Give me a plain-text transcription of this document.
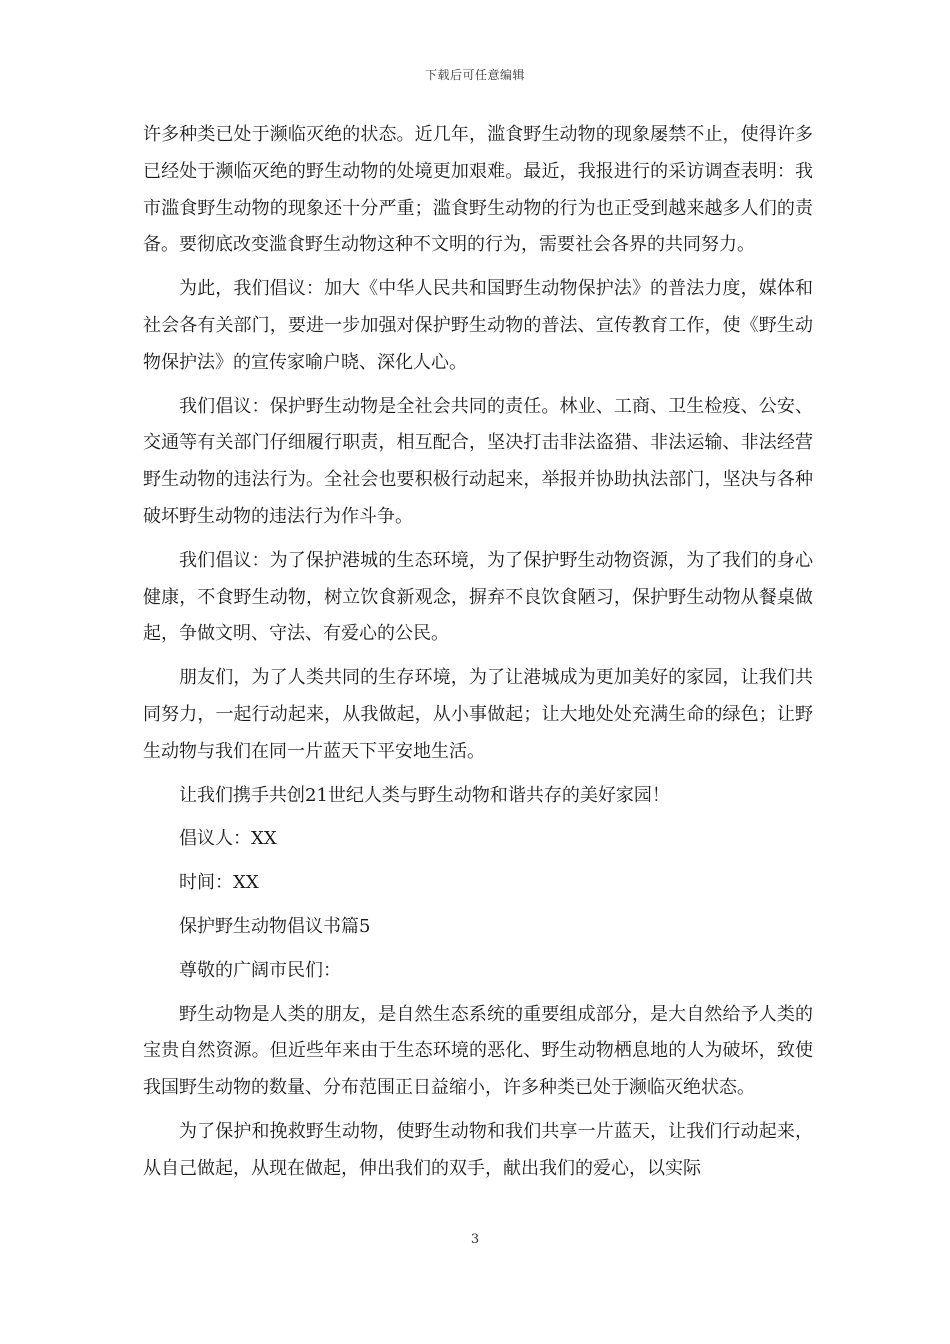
下载后可任意编辑

许多种类已处于濒临灭绝的状态。近几年，滥食野生动物的现象屡禁不止，使得许多已经处于濒临灭绝的野生动物的处境更加艰难。最近，我报进行的采访调查表明：我市滥食野生动物的现象还十分严重；滥食野生动物的行为也正受到越来越多人们的责备。要彻底改变滥食野生动物这种不文明的行为，需要社会各界的共同努力。

为此，我们倡议：加大《中华人民共和国野生动物保护法》的普法力度，媒体和社会各有关部门，要进一步加强对保护野生动物的普法、宣传教育工作，使《野生动物保护法》的宣传家喻户晓、深化人心。

我们倡议：保护野生动物是全社会共同的责任。林业、工商、卫生检疫、公安、交通等有关部门仔细履行职责，相互配合，坚决打击非法盗猎、非法运输、非法经营野生动物的违法行为。全社会也要积极行动起来，举报并协助执法部门，坚决与各种破坏野生动物的违法行为作斗争。

我们倡议：为了保护港城的生态环境，为了保护野生动物资源，为了我们的身心健康，不食野生动物，树立饮食新观念，摒弃不良饮食陋习，保护野生动物从餐桌做起，争做文明、守法、有爱心的公民。

朋友们，为了人类共同的生存环境，为了让港城成为更加美好的家园，让我们共同努力，一起行动起来，从我做起，从小事做起；让大地处处充满生命的绿色；让野生动物与我们在同一片蓝天下平安地生活。

让我们携手共创21世纪人类与野生动物和谐共存的美好家园！

倡议人：XX

时间：XX

保护野生动物倡议书篇5

尊敬的广阔市民们：

野生动物是人类的朋友，是自然生态系统的重要组成部分，是大自然给予人类的宝贵自然资源。但近些年来由于生态环境的恶化、野生动物栖息地的人为破坏，致使我国野生动物的数量、分布范围正日益缩小，许多种类已处于濒临灭绝状态。

为了保护和挽救野生动物，使野生动物和我们共享一片蓝天，让我们行动起来，从自己做起，从现在做起，伸出我们的双手，献出我们的爱心，以实际

3
